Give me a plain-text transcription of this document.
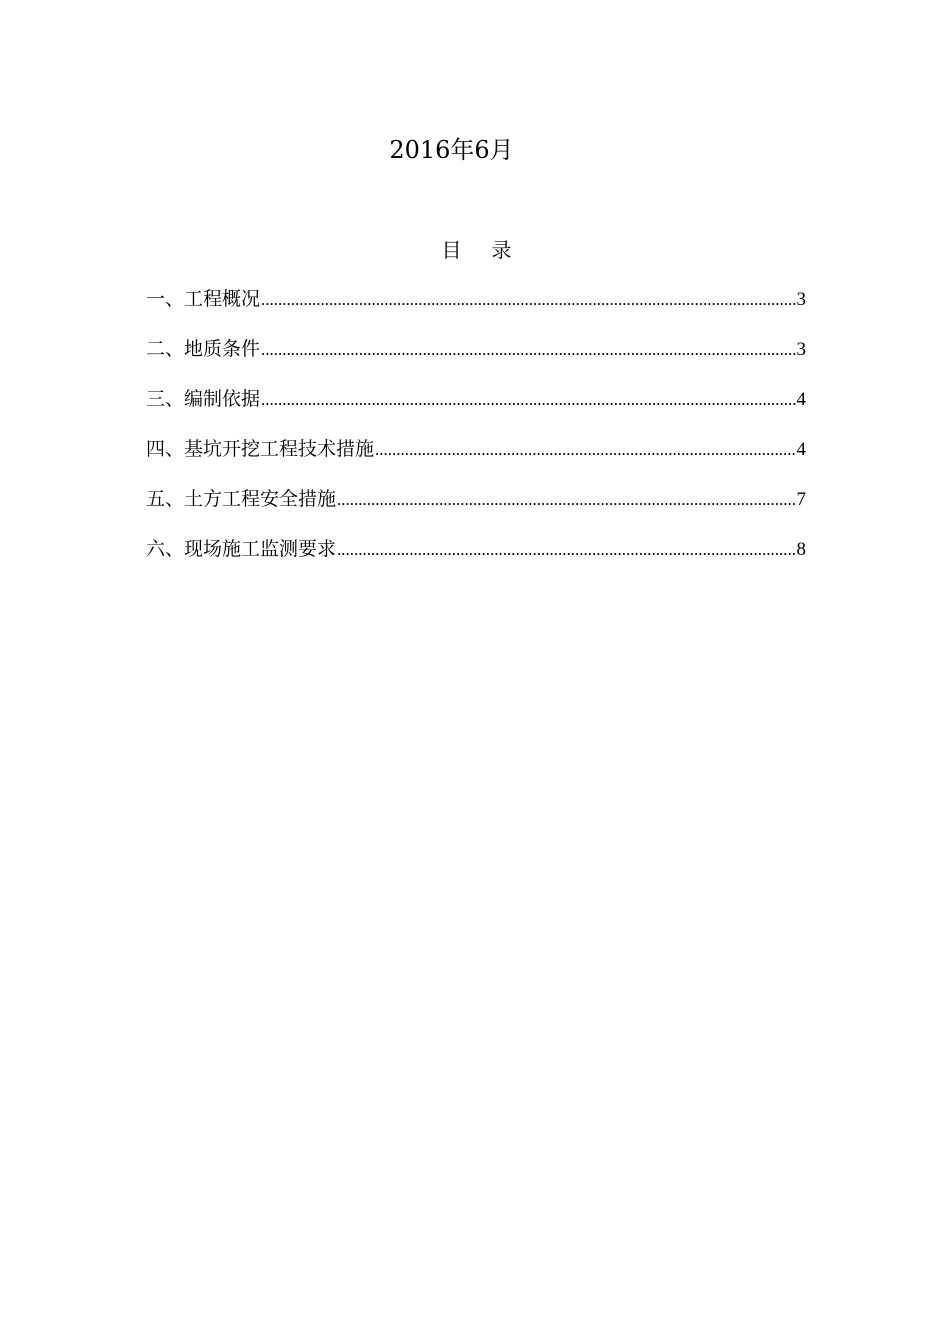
2016年6月
目 录
一、工程概况 .....	3
二、地质条件 .....	3
三、编制依据 .....	4
四、基坑开挖工程技术措施 .....	4
五、土方工程安全措施 .....	7
六、现场施工监测要求 .....	8
